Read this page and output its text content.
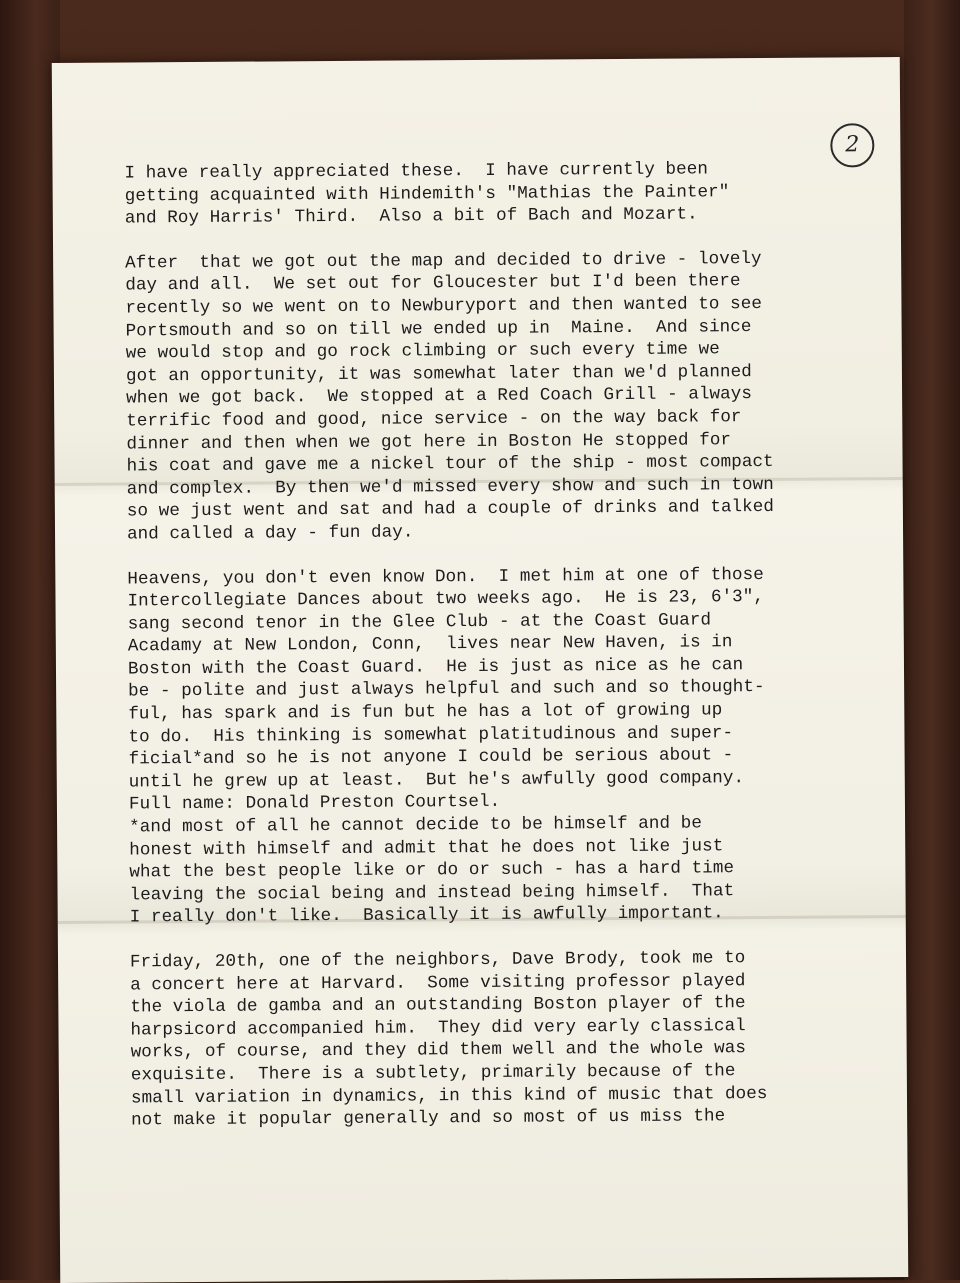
2
I have really appreciated these.  I have currently been
getting acquainted with Hindemith's "Mathias the Painter"
and Roy Harris' Third.  Also a bit of Bach and Mozart.
After  that we got out the map and decided to drive - lovely
day and all.  We set out for Gloucester but I'd been there
recently so we went on to Newburyport and then wanted to see
Portsmouth and so on till we ended up in  Maine.  And since
we would stop and go rock climbing or such every time we
got an opportunity, it was somewhat later than we'd planned
when we got back.  We stopped at a Red Coach Grill - always
terrific food and good, nice service - on the way back for
dinner and then when we got here in Boston He stopped for
his coat and gave me a nickel tour of the ship - most compact
and complex.  By then we'd missed every show and such in town
so we just went and sat and had a couple of drinks and talked
and called a day - fun day.
Heavens, you don't even know Don.  I met him at one of those
Intercollegiate Dances about two weeks ago.  He is 23, 6'3",
sang second tenor in the Glee Club - at the Coast Guard
Acadamy at New London, Conn,  lives near New Haven, is in
Boston with the Coast Guard.  He is just as nice as he can
be - polite and just always helpful and such and so thought-
ful, has spark and is fun but he has a lot of growing up
to do.  His thinking is somewhat platitudinous and super-
ficial*and so he is not anyone I could be serious about -
until he grew up at least.  But he's awfully good company.
Full name: Donald Preston Courtsel.
*and most of all he cannot decide to be himself and be
honest with himself and admit that he does not like just
what the best people like or do or such - has a hard time
leaving the social being and instead being himself.  That
I really don't like.  Basically it is awfully important.
Friday, 20th, one of the neighbors, Dave Brody, took me to
a concert here at Harvard.  Some visiting professor played
the viola de gamba and an outstanding Boston player of the
harpsicord accompanied him.  They did very early classical
works, of course, and they did them well and the whole was
exquisite.  There is a subtlety, primarily because of the
small variation in dynamics, in this kind of music that does
not make it popular generally and so most of us miss the
